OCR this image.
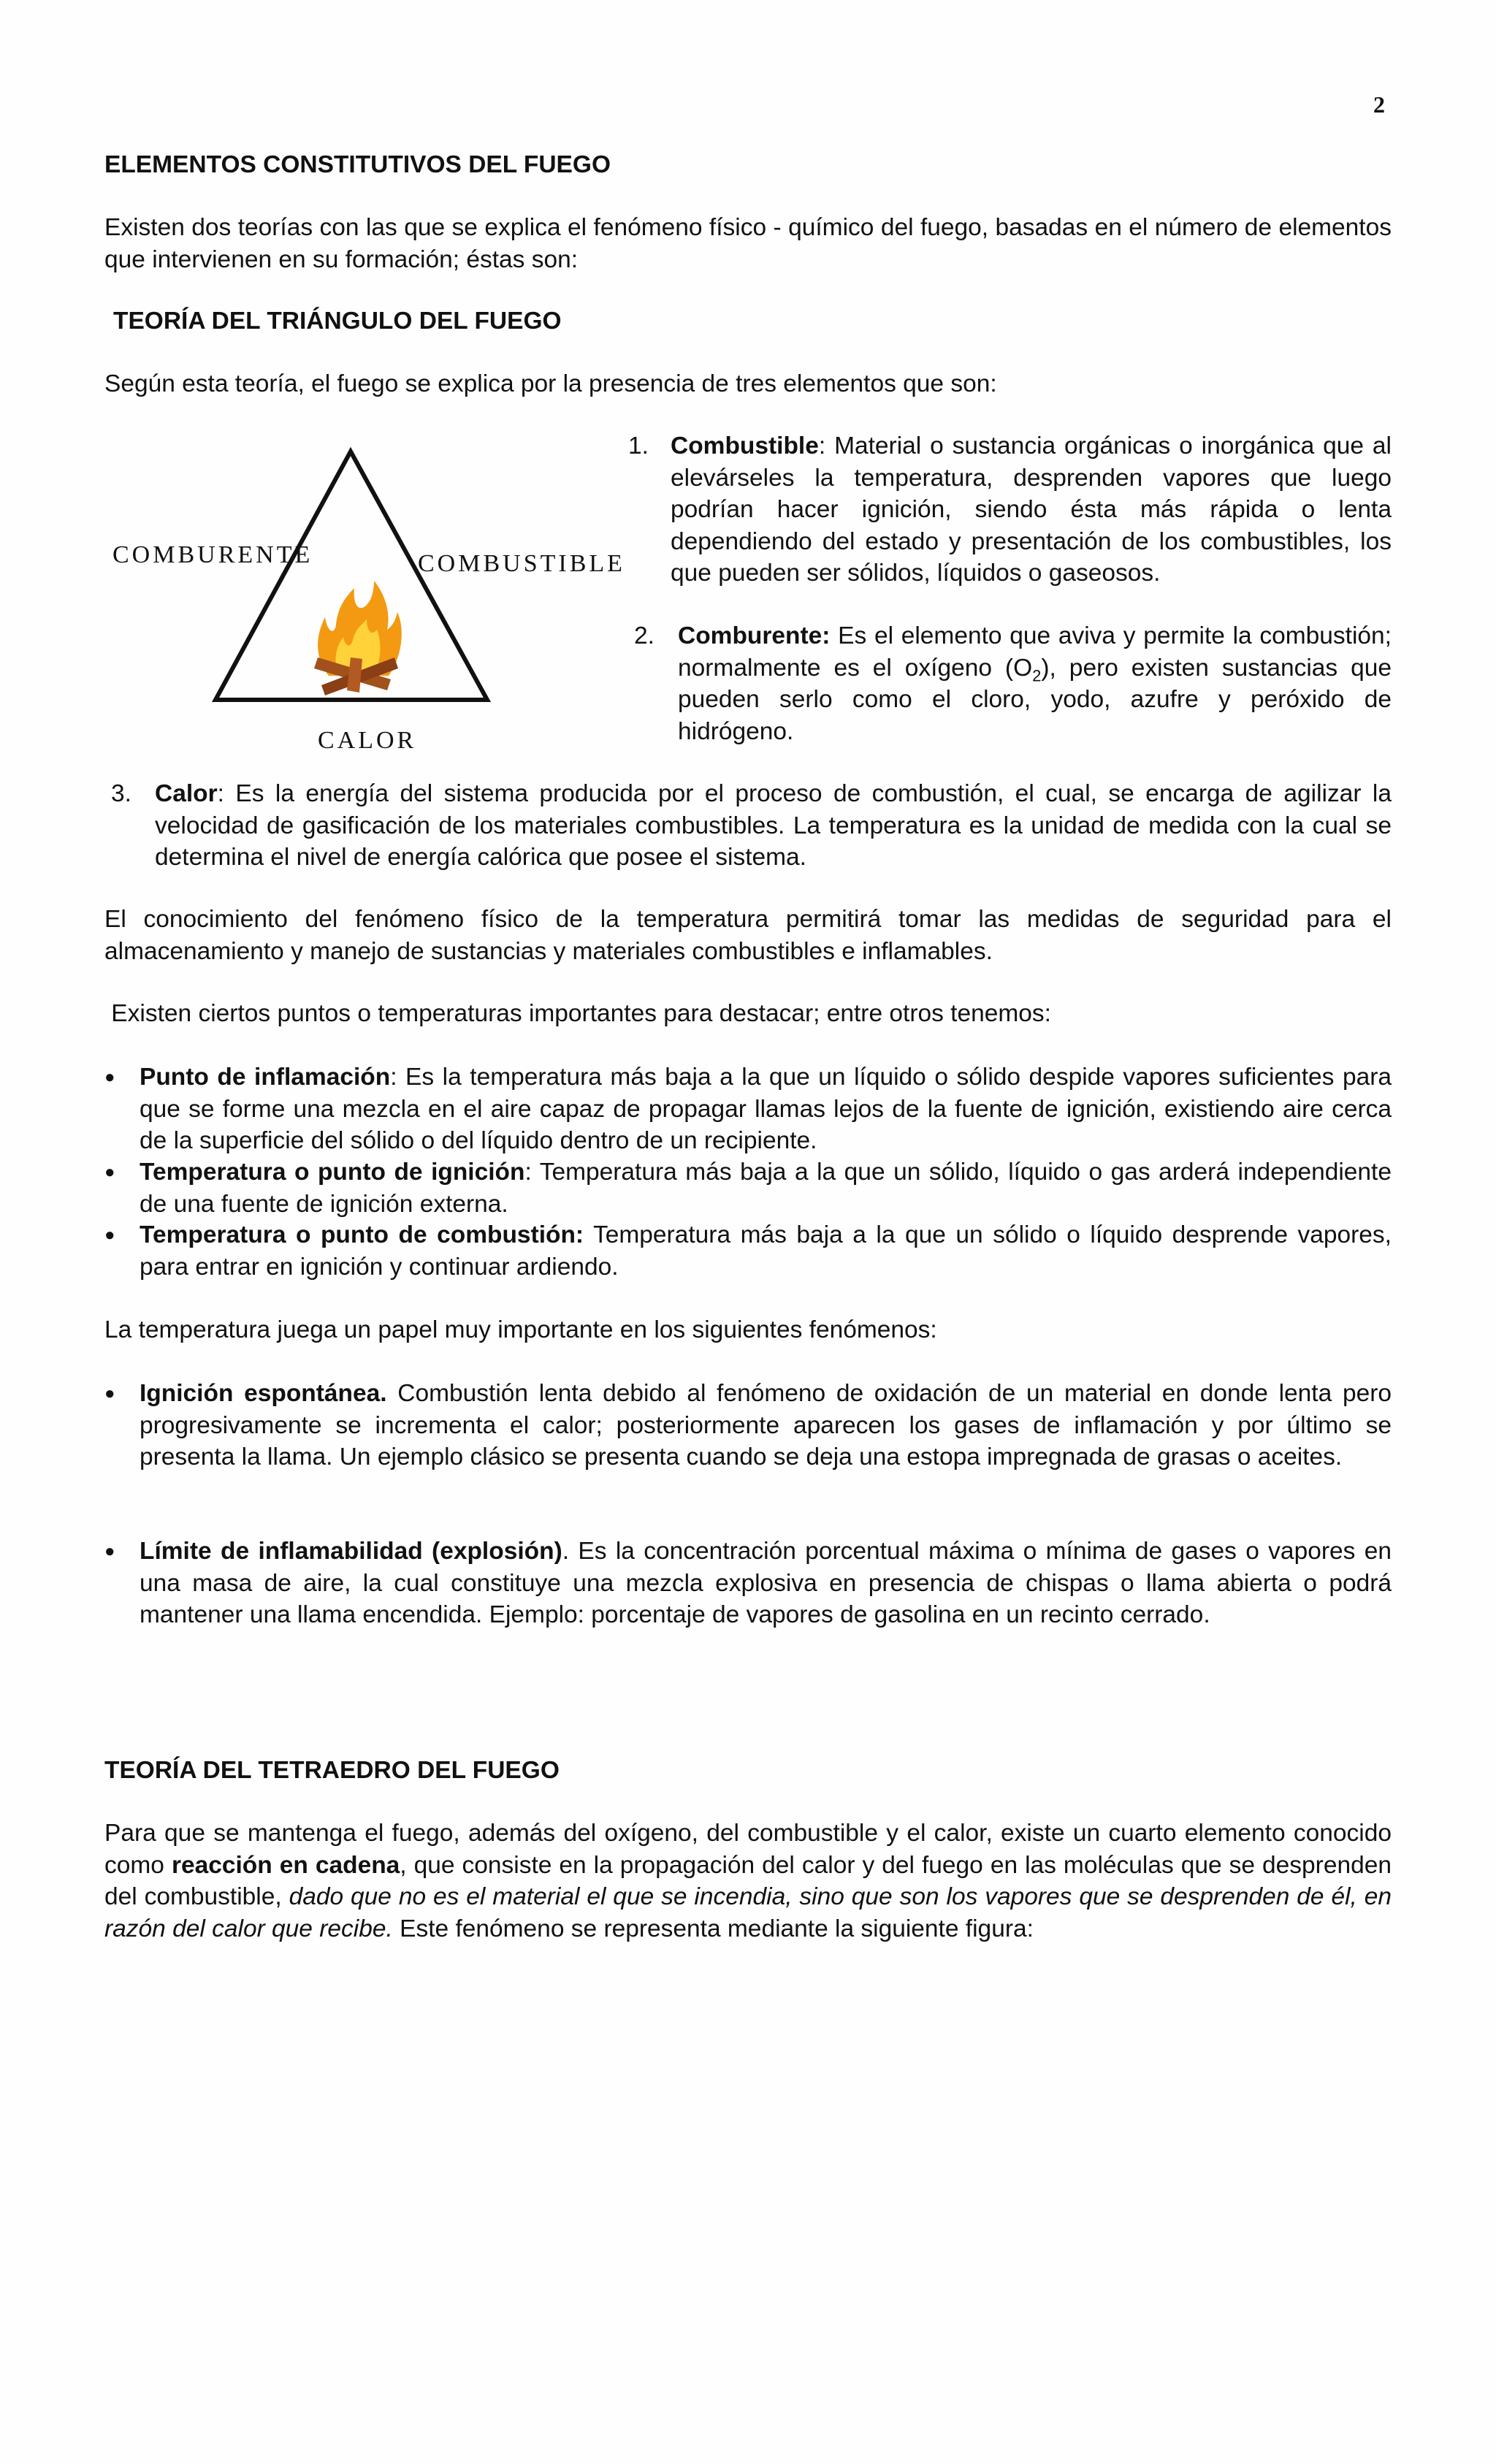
2
ELEMENTOS CONSTITUTIVOS DEL FUEGO

Existen dos teorías con las que se explica el fenómeno físico - químico del fuego, basadas en el número de elementos que intervienen en su formación; éstas son:

TEORÍA DEL TRIÁNGULO DEL FUEGO

Según esta teoría, el fuego se explica por la presencia de tres elementos que son:

COMBURENTE	COMBUSTIBLE
CALOR
1. Combustible: Material o sustancia orgánicas o inorgánica que al elevárseles la temperatura, desprenden vapores que luego podrían hacer ignición, siendo ésta más rápida o lenta dependiendo del estado y presentación de los combustibles, los que pueden ser sólidos, líquidos o gaseosos.

2. Comburente: Es el elemento que aviva y permite la combustión; normalmente es el oxígeno $(O_2)$, pero existen sustancias que pueden serlo como el cloro, yodo, azufre y peróxido de hidrógeno.

3. Calor: Es la energía del sistema producida por el proceso de combustión, el cual, se encarga de agilizar la velocidad de gasificación de los materiales combustibles. La temperatura es la unidad de medida con la cual se determina el nivel de energía calórica que posee el sistema.

El conocimiento del fenómeno físico de la temperatura permitirá tomar las medidas de seguridad para el almacenamiento y manejo de sustancias y materiales combustibles e inflamables.

Existen ciertos puntos o temperaturas importantes para destacar; entre otros tenemos:

● Punto de inflamación: Es la temperatura más baja a la que un líquido o sólido despide vapores suficientes para que se forme una mezcla en el aire capaz de propagar llamas lejos de la fuente de ignición, existiendo aire cerca de la superficie del sólido o del líquido dentro de un recipiente.

● Temperatura o punto de ignición: Temperatura más baja a la que un sólido, líquido o gas arderá independiente de una fuente de ignición externa.

● Temperatura o punto de combustión: Temperatura más baja a la que un sólido o líquido desprende vapores, para entrar en ignición y continuar ardiendo.

La temperatura juega un papel muy importante en los siguientes fenómenos:

● Ignición espontánea. Combustión lenta debido al fenómeno de oxidación de un material en donde lenta pero progresivamente se incrementa el calor; posteriormente aparecen los gases de inflamación y por último se presenta la llama. Un ejemplo clásico se presenta cuando se deja una estopa impregnada de grasas o aceites.

● Límite de inflamabilidad (explosión). Es la concentración porcentual máxima o mínima de gases o vapores en una masa de aire, la cual constituye una mezcla explosiva en presencia de chispas o llama abierta o podrá mantener una llama encendida. Ejemplo: porcentaje de vapores de gasolina en un recinto cerrado.

TEORÍA DEL TETRAEDRO DEL FUEGO

Para que se mantenga el fuego, además del oxígeno, del combustible y el calor, existe un cuarto elemento conocido como reacción en cadena, que consiste en la propagación del calor y del fuego en las moléculas que se desprenden del combustible, dado que no es el material el que se incendia, sino que son los vapores que se desprenden de él, en razón del calor que recibe. Este fenómeno se representa mediante la siguiente figura:
